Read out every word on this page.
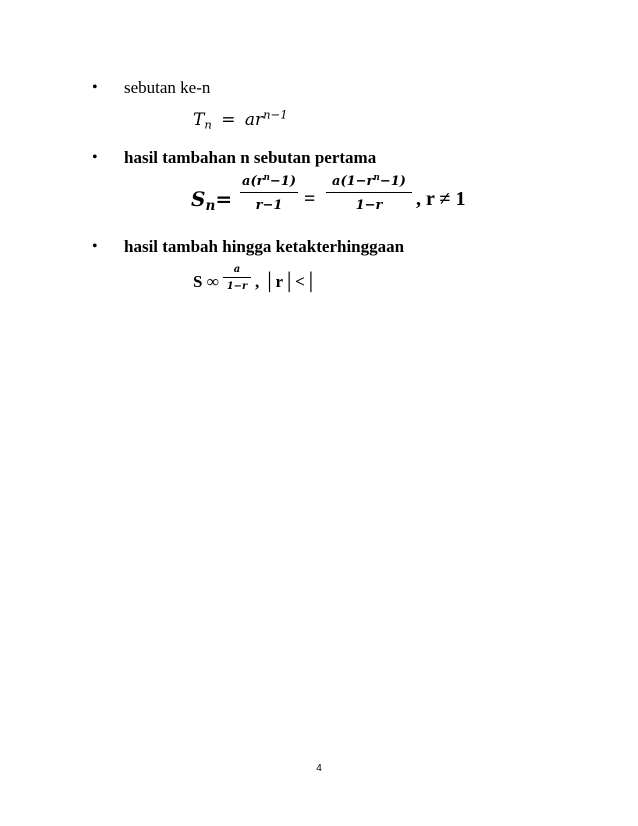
• sebutan ke-n
$T_n = ar^{n-1}$
• hasil tambahan n sebutan pertama
$S_n=$
$a(r^n-1)$
r−1 =
$a(1-r^n-1)$
1−r , r ≠ 1
• hasil tambah hingga ketakterhinggaan
S ∞
a
1−r , │r│<│
4
